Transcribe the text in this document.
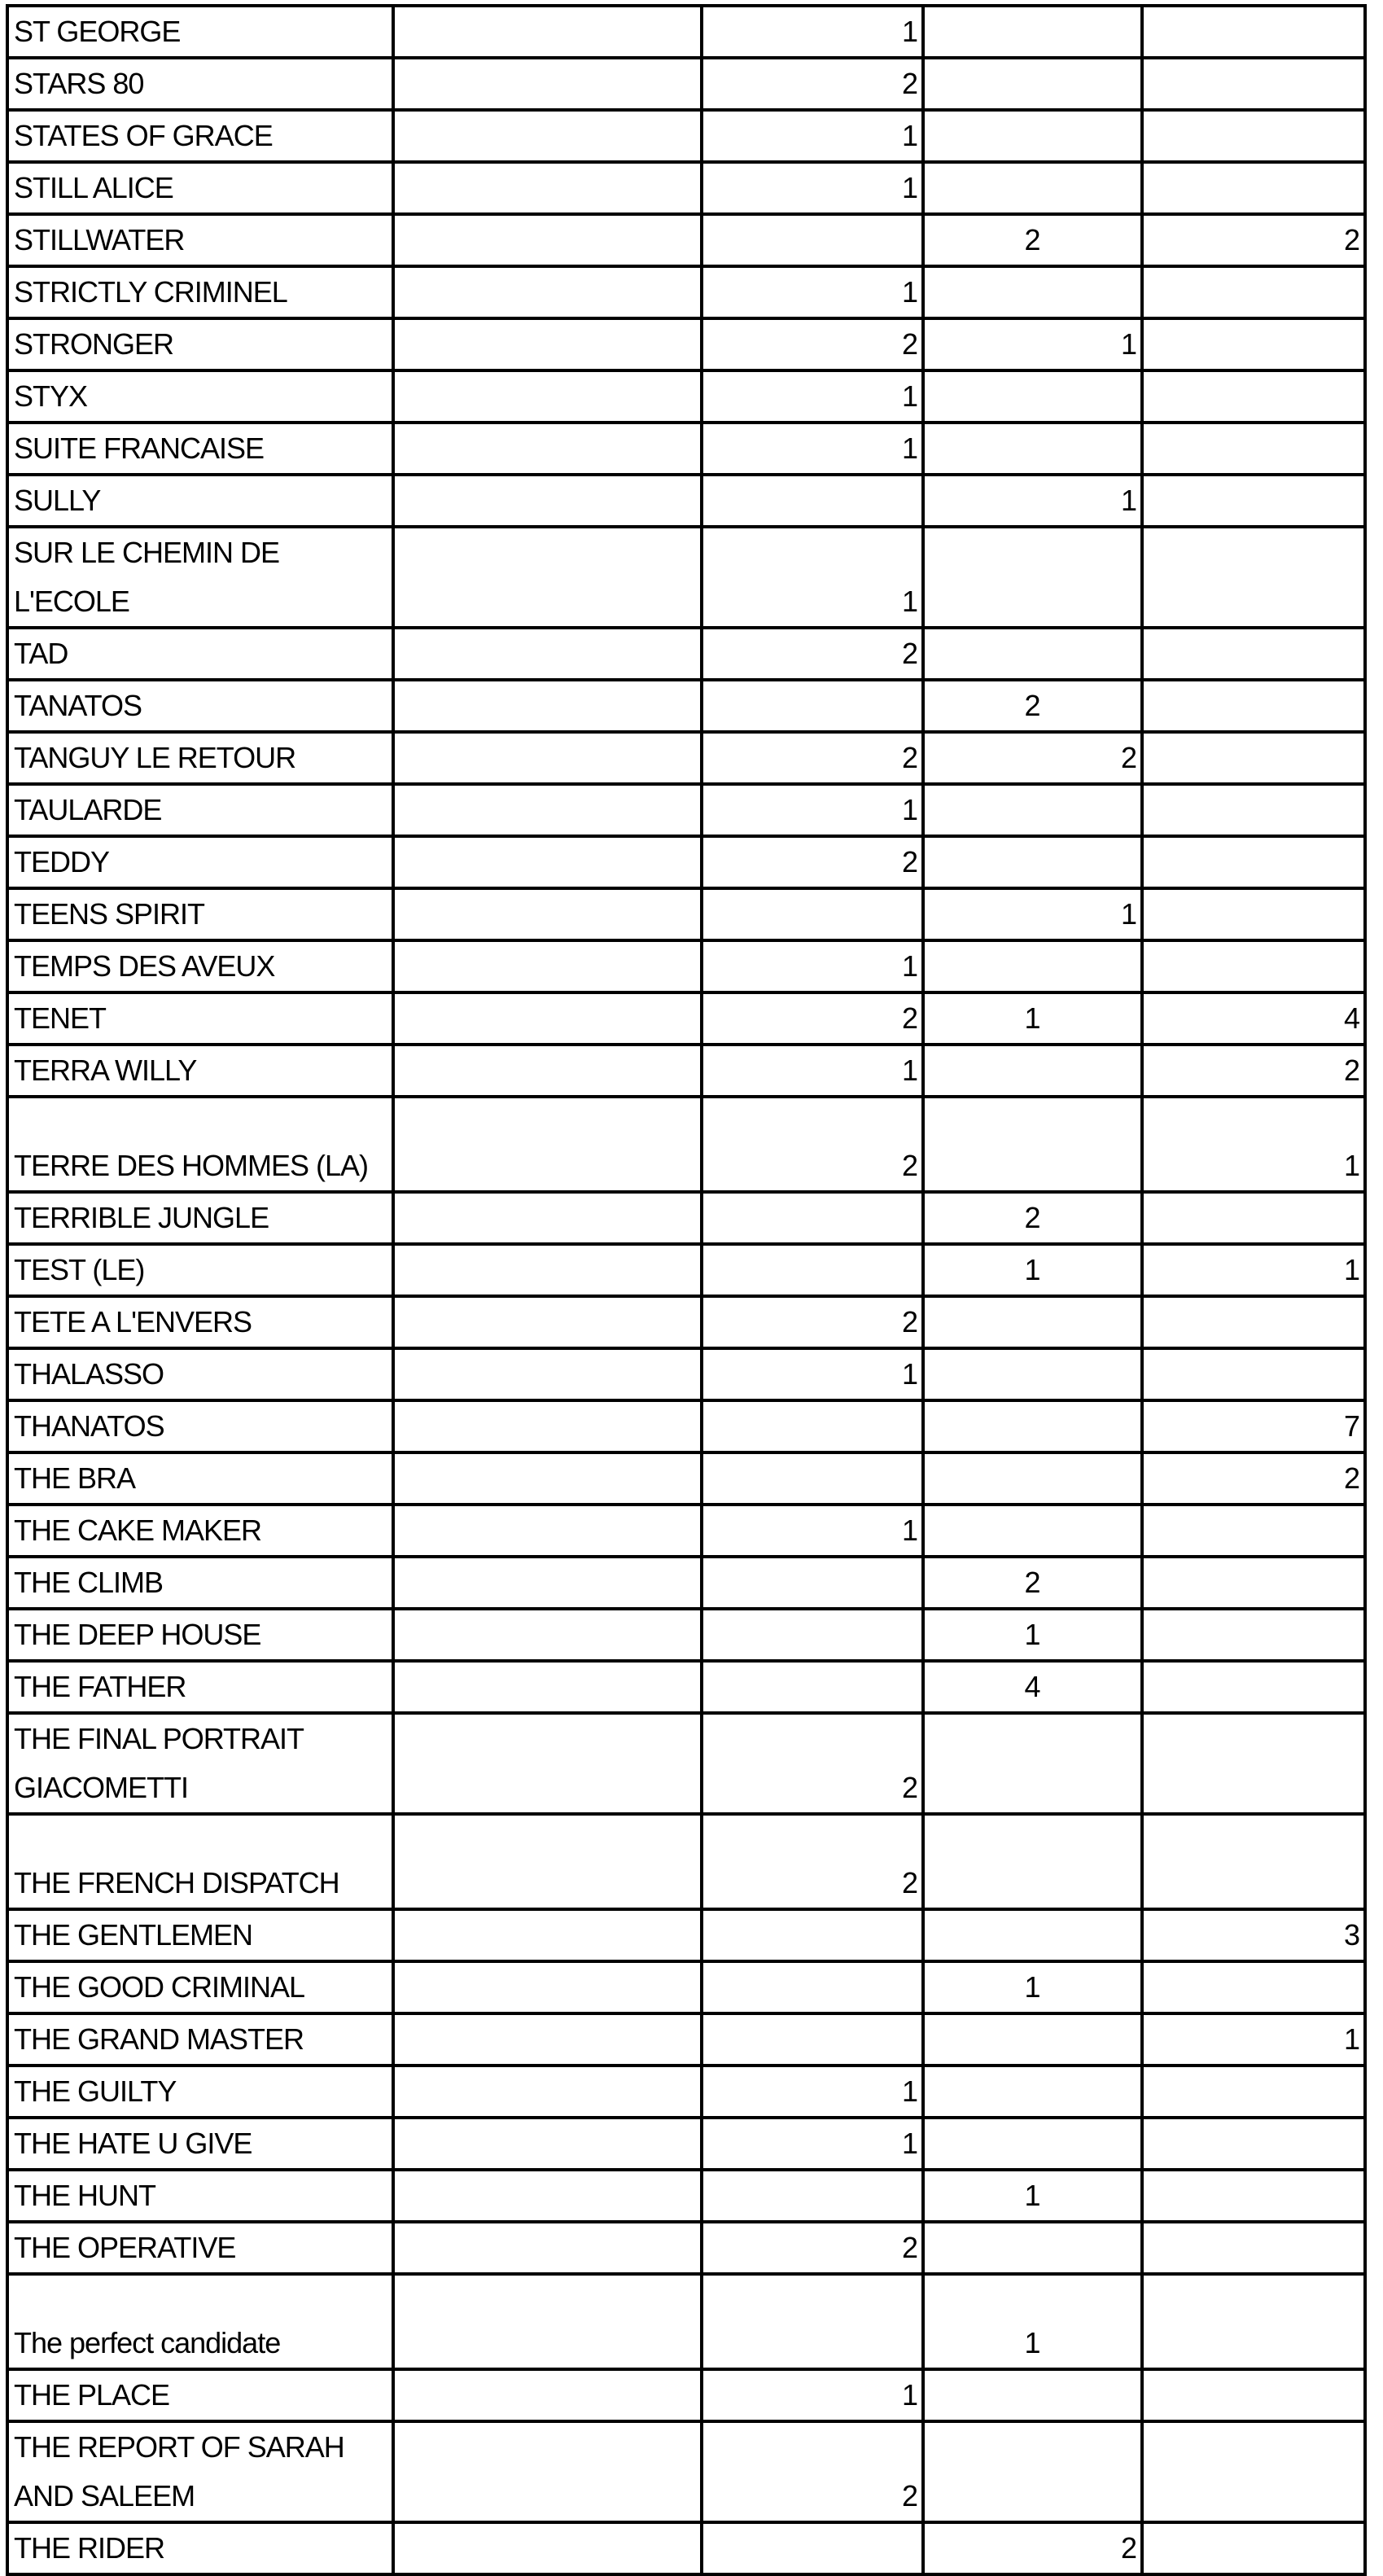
ST GEORGE		1		
STARS 80		2		
STATES OF GRACE		1		
STILL ALICE		1		
STILLWATER			2	2
STRICTLY CRIMINEL		1		
STRONGER		2	1	
STYX		1		
SUITE FRANCAISE		1		
SULLY			1	
SUR LE CHEMIN DE L'ECOLE		1		
TAD		2		
TANATOS			2	
TANGUY LE RETOUR		2	2	
TAULARDE		1		
TEDDY		2		
TEENS SPIRIT			1	
TEMPS DES AVEUX		1		
TENET		2	1	4
TERRA WILLY		1		2
TERRE DES HOMMES (LA)		2		1
TERRIBLE JUNGLE			2	
TEST (LE)			1	1
TETE A L'ENVERS		2		
THALASSO		1		
THANATOS				7
THE BRA				2
THE CAKE MAKER		1		
THE CLIMB			2	
THE DEEP HOUSE			1	
THE FATHER			4	
THE FINAL PORTRAIT GIACOMETTI		2		
THE FRENCH DISPATCH		2		
THE GENTLEMEN				3
THE GOOD CRIMINAL			1	
THE GRAND MASTER				1
THE GUILTY		1		
THE HATE U GIVE		1		
THE HUNT			1	
THE OPERATIVE		2		
The perfect candidate			1	
THE PLACE		1		
THE REPORT OF SARAH AND SALEEM		2		
THE RIDER			2	
